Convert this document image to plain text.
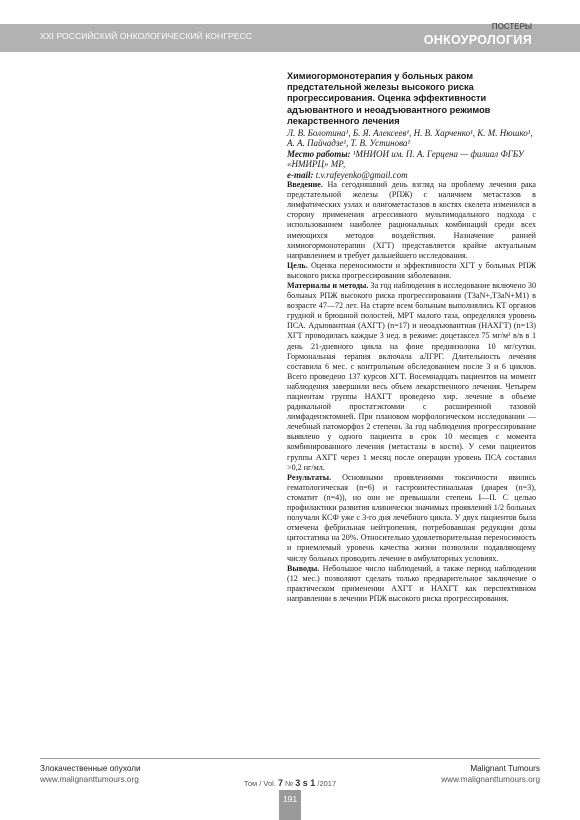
XXI РОССИЙСКИЙ ОНКОЛОГИЧЕСКИЙ КОНГРЕСС
ПОСТЕРЫ
ОНКОУРОЛОГИЯ

Химиогормонотерапия у больных раком предстательной железы высокого риска прогрессирования. Оценка эффективности адъювантного и неоадъювантного режимов лекарственного лечения

Л. В. Болотина¹, Б. Я. Алексеев¹, Н. В. Харченко¹, К. М. Нюшко¹, А. А. Пайчадзе¹, Т. В. Устинова¹

Место работы: ¹МНИОИ им. П. А. Герцена — филиал ФГБУ «НМИРЦ» МР,

e-mail: t.v.rafeyenko@gmail.com

Введение. На сегодняшний день взгляд на проблему лечения рака предстательной железы (РПЖ) с наличием метастазов в лимфатических узлах и олигометастазов в костях скелета изменился в сторону применения агрессивного мультимодального подхода с использованием наиболее рациональных комбинаций среди всех имеющихся методов воздействия. Назначение ранней химиогормонотерапии (ХГТ) представляется крайне актуальным направлением и требует дальнейшего исследования.

Цель. Оценка переносимости и эффективности ХГТ у больных РПЖ высокого риска прогрессирования заболевания.

Материалы и методы. За год наблюдения в исследование включено 30 больных РПЖ высокого риска прогрессирования (T3aN+,T3aN+M1) в возрасте 47—72 лет. На старте всем больным выполнялись КТ органов грудной и брюшной полостей, МРТ малого таза, определялся уровень ПСА. Адъювантная (АХГТ) (n=17) и неоадъювантная (НАХГТ) (n=13) ХГТ проводилась каждые 3 нед. в режиме: доцетаксел 75 мг/м² в/в в 1 день 21-дневного цикла на фоне преднизолона 10 мг/сутки. Гормональная терапия включала аЛГРГ. Длительность лечения составила 6 мес. с контрольным обследованием после 3 и 6 циклов. Всего проведено 137 курсов ХГТ. Восемнадцать пациентов на момент наблюдения завершили весь объем лекарственного лечения. Четырем пациентам группы НАХГТ проведено хир. лечение в объеме радикальной простатэктомии с расширенной тазовой лимфаденэктомией. При плановом морфологическом исследовании — лечебный патоморфоз 2 степени. За год наблюдения прогрессирование выявлено у одного пациента в срок 10 месяцев с момента комбинированного лечения (метастазы в кости). У семи пациентов группы АХГТ через 1 месяц после операции уровень ПСА составил >0,2 нг/мл.

Результаты. Основными проявлениями токсичности явились гематологическая (n=6) и гастроинтестинальная (диарея (n=3), стоматит (n=4)), но они не превышали степень I—II. С целью профилактики развития клинически значимых проявлений 1/2 больных получали КСФ уже с 3-го дня лечебного цикла. У двух пациентов была отмечена фебрильная нейтропения, потребовавшая редукции дозы цитостатика на 20%. Относительно удовлетворительная переносимость и приемлемый уровень качества жизни позволили подавляющему числу больных проводить лечение в амбулаторных условиях.

Выводы. Небольшое число наблюдений, а также период наблюдения (12 мес.) позволяют сделать только предварительное заключение о практическом применении АХГТ и НАХГТ как перспективном направлении в лечении РПЖ высокого риска прогрессирования.

Злокачественные опухоли
www.malignanttumours.org
Malignant Tumours
www.malignanttumours.org
Том / Vol. 7 № 3 s 1 /2017
191
